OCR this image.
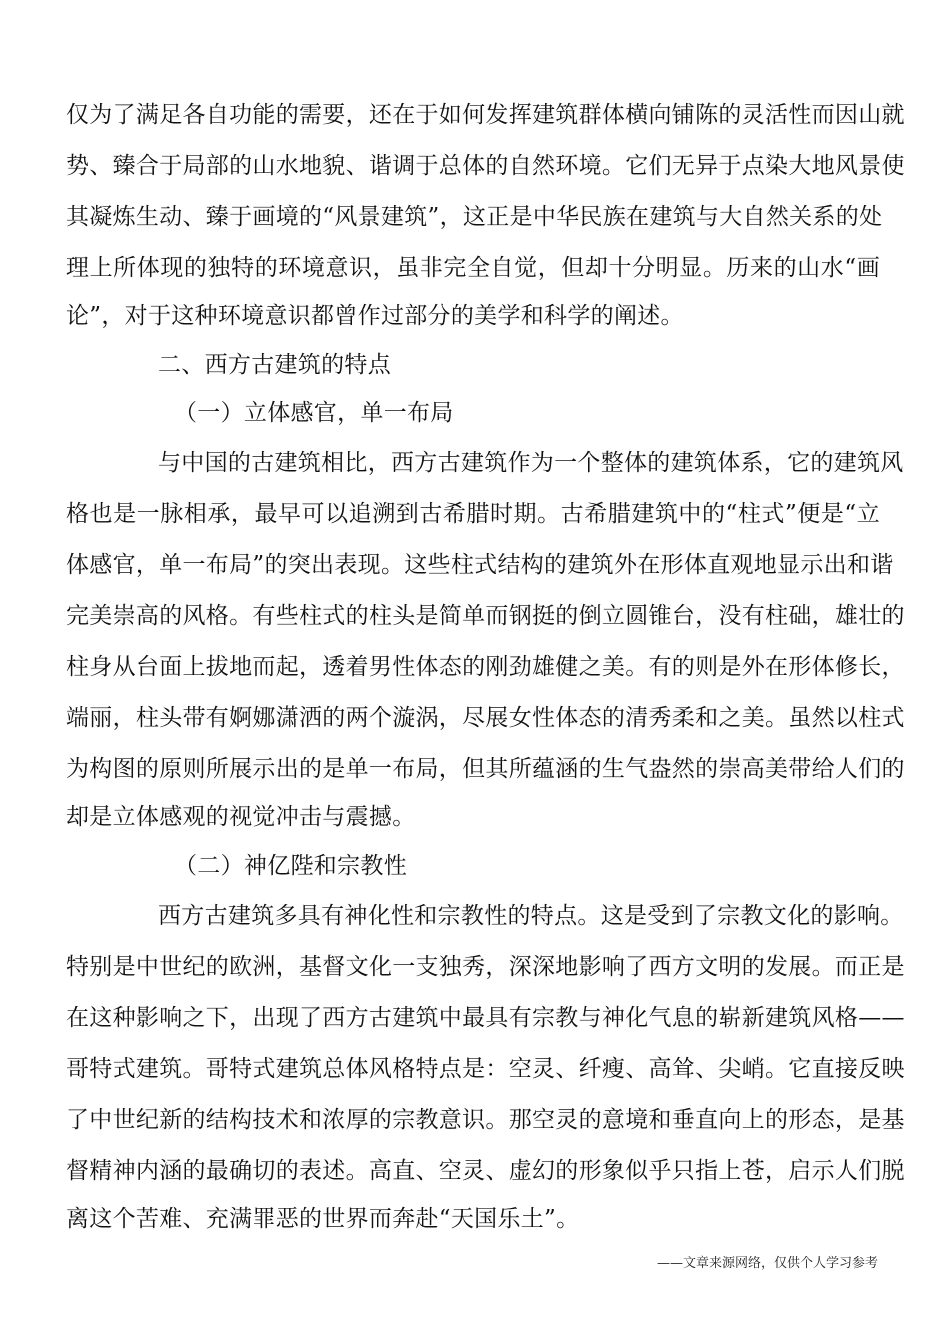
仅为了满足各自功能的需要，还在于如何发挥建筑群体横向铺陈的灵活性而因山就
势、臻合于局部的山水地貌、谐调于总体的自然环境。它们无异于点染大地风景使
其凝炼生动、臻于画境的“风景建筑”，这正是中华民族在建筑与大自然关系的处
理上所体现的独特的环境意识，虽非完全自觉，但却十分明显。历来的山水“画
论”，对于这种环境意识都曾作过部分的美学和科学的阐述。
二、西方古建筑的特点
（一）立体感官，单一布局
与中国的古建筑相比，西方古建筑作为一个整体的建筑体系，它的建筑风
格也是一脉相承，最早可以追溯到古希腊时期。古希腊建筑中的“柱式”便是“立
体感官，单一布局”的突出表现。这些柱式结构的建筑外在形体直观地显示出和谐
完美崇高的风格。有些柱式的柱头是简单而钢挺的倒立圆锥台，没有柱础，雄壮的
柱身从台面上拔地而起，透着男性体态的刚劲雄健之美。有的则是外在形体修长，
端丽，柱头带有婀娜潇洒的两个漩涡，尽展女性体态的清秀柔和之美。虽然以柱式
为构图的原则所展示出的是单一布局，但其所蕴涵的生气盎然的崇高美带给人们的
却是立体感观的视觉冲击与震撼。
（二）神亿陛和宗教性
西方古建筑多具有神化性和宗教性的特点。这是受到了宗教文化的影响。
特别是中世纪的欧洲，基督文化一支独秀，深深地影响了西方文明的发展。而正是
在这种影响之下，出现了西方古建筑中最具有宗教与神化气息的崭新建筑风格——
哥特式建筑。哥特式建筑总体风格特点是：空灵、纤瘦、高耸、尖峭。它直接反映
了中世纪新的结构技术和浓厚的宗教意识。那空灵的意境和垂直向上的形态，是基
督精神内涵的最确切的表述。高直、空灵、虚幻的形象似乎只指上苍，启示人们脱
离这个苦难、充满罪恶的世界而奔赴“天国乐土”。
——文章来源网络，仅供个人学习参考
